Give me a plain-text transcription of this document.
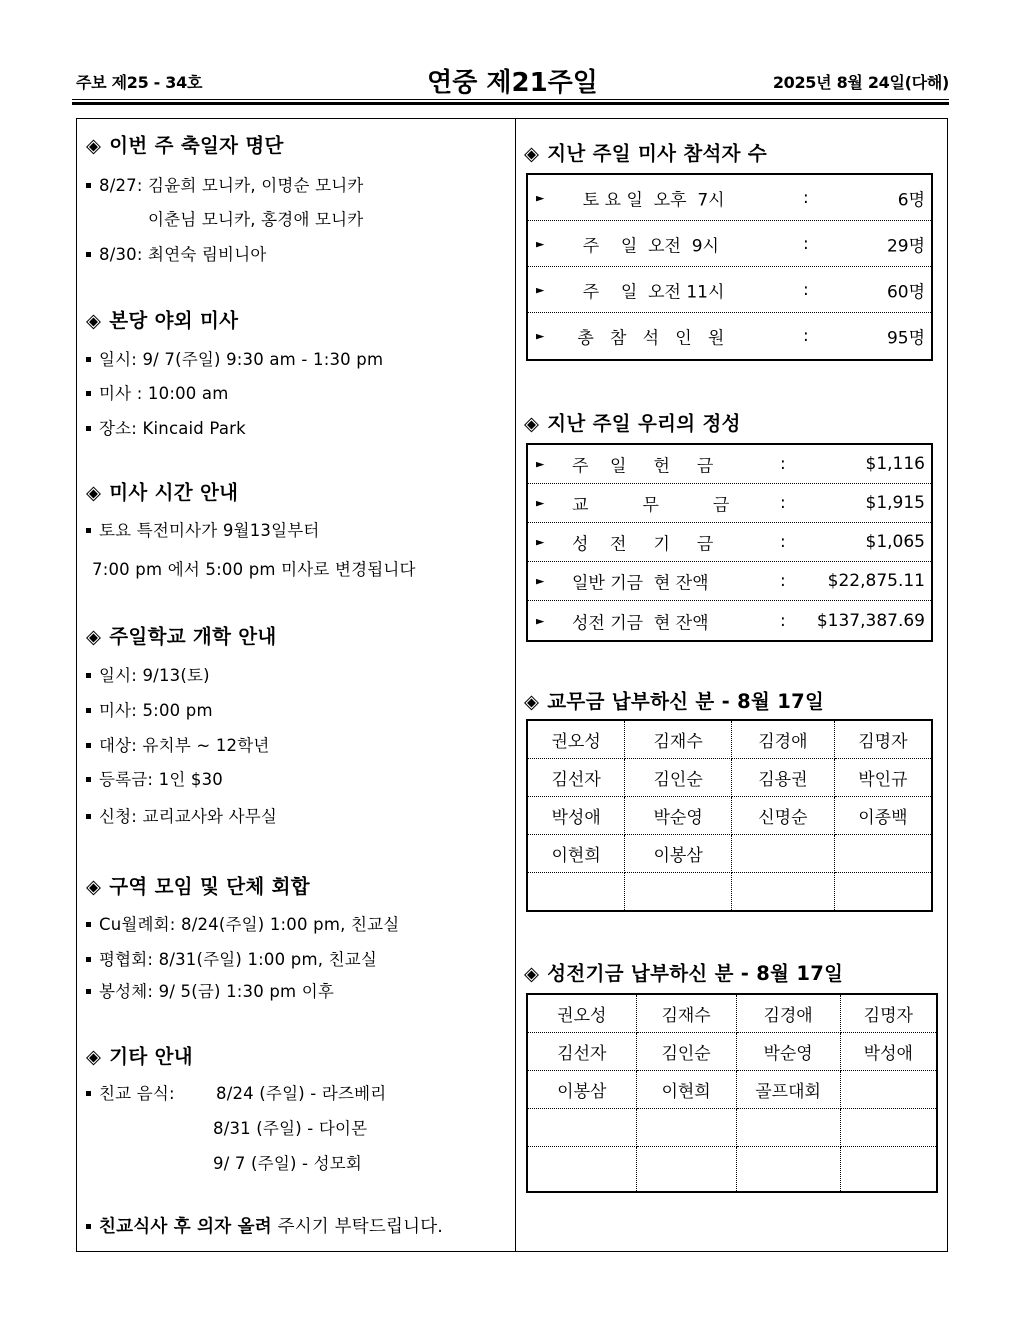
주보 제25 - 34호	연중 제21주일	2025년 8월 24일(다해)
◈ 이번 주 축일자 명단
8/27: 김윤희 모니카, 이명순 모니카
이춘님 모니카, 홍경애 모니카
8/30: 최연숙 림비니아
◈ 본당 야외 미사
일시: 9/ 7(주일) 9:30 am - 1:30 pm
미사 : 10:00 am
장소: Kincaid Park
◈ 미사 시간 안내
토요 특전미사가 9월13일부터
7:00 pm 에서 5:00 pm 미사로 변경됩니다
◈ 주일학교 개학 안내
일시: 9/13(토)
미사: 5:00 pm
대상: 유치부 ~ 12학년
등록금: 1인 $30
신청: 교리교사와 사무실
◈ 구역 모임 및 단체 회합
Cu월례회: 8/24(주일) 1:00 pm, 친교실
평협회: 8/31(주일) 1:00 pm, 친교실
봉성체: 9/ 5(금) 1:30 pm 이후
◈ 기타 안내
친교 음식: 8/24 (주일) - 라즈베리
8/31 (주일) - 다이몬
9/ 7 (주일) - 성모회
친교식사 후 의자 올려 주시기 부탁드립니다.
◈ 지난 주일 미사 참석자 수
◈ 지난 주일 우리의 정성
◈ 교무금 납부하신 분 - 8월 17일
◈ 성전기금 납부하신 분 - 8월 17일
► 토 요 일  오후  7시	:	6명
► 주    일  오전  9시	:	29명
► 주    일  오전 11시	:	60명
► 총   참   석   인   원	:	95명
► 주    일     헌     금	:	$1,116
► 교          무          금	:	$1,915
► 성    전     기     금	:	$1,065
► 일반 기금  현 잔액	: $22,875.11
► 성전 기금  현 잔액	: $137,387.69
권오성	김재수	김경애	김명자
김선자	김인순	김용권	박인규
박성애	박순영	신명순	이종백
이현희	이봉삼		

권오성	김재수	김경애	김명자
김선자	김인순	박순영	박성애
이봉삼	이현희	골프대회	
